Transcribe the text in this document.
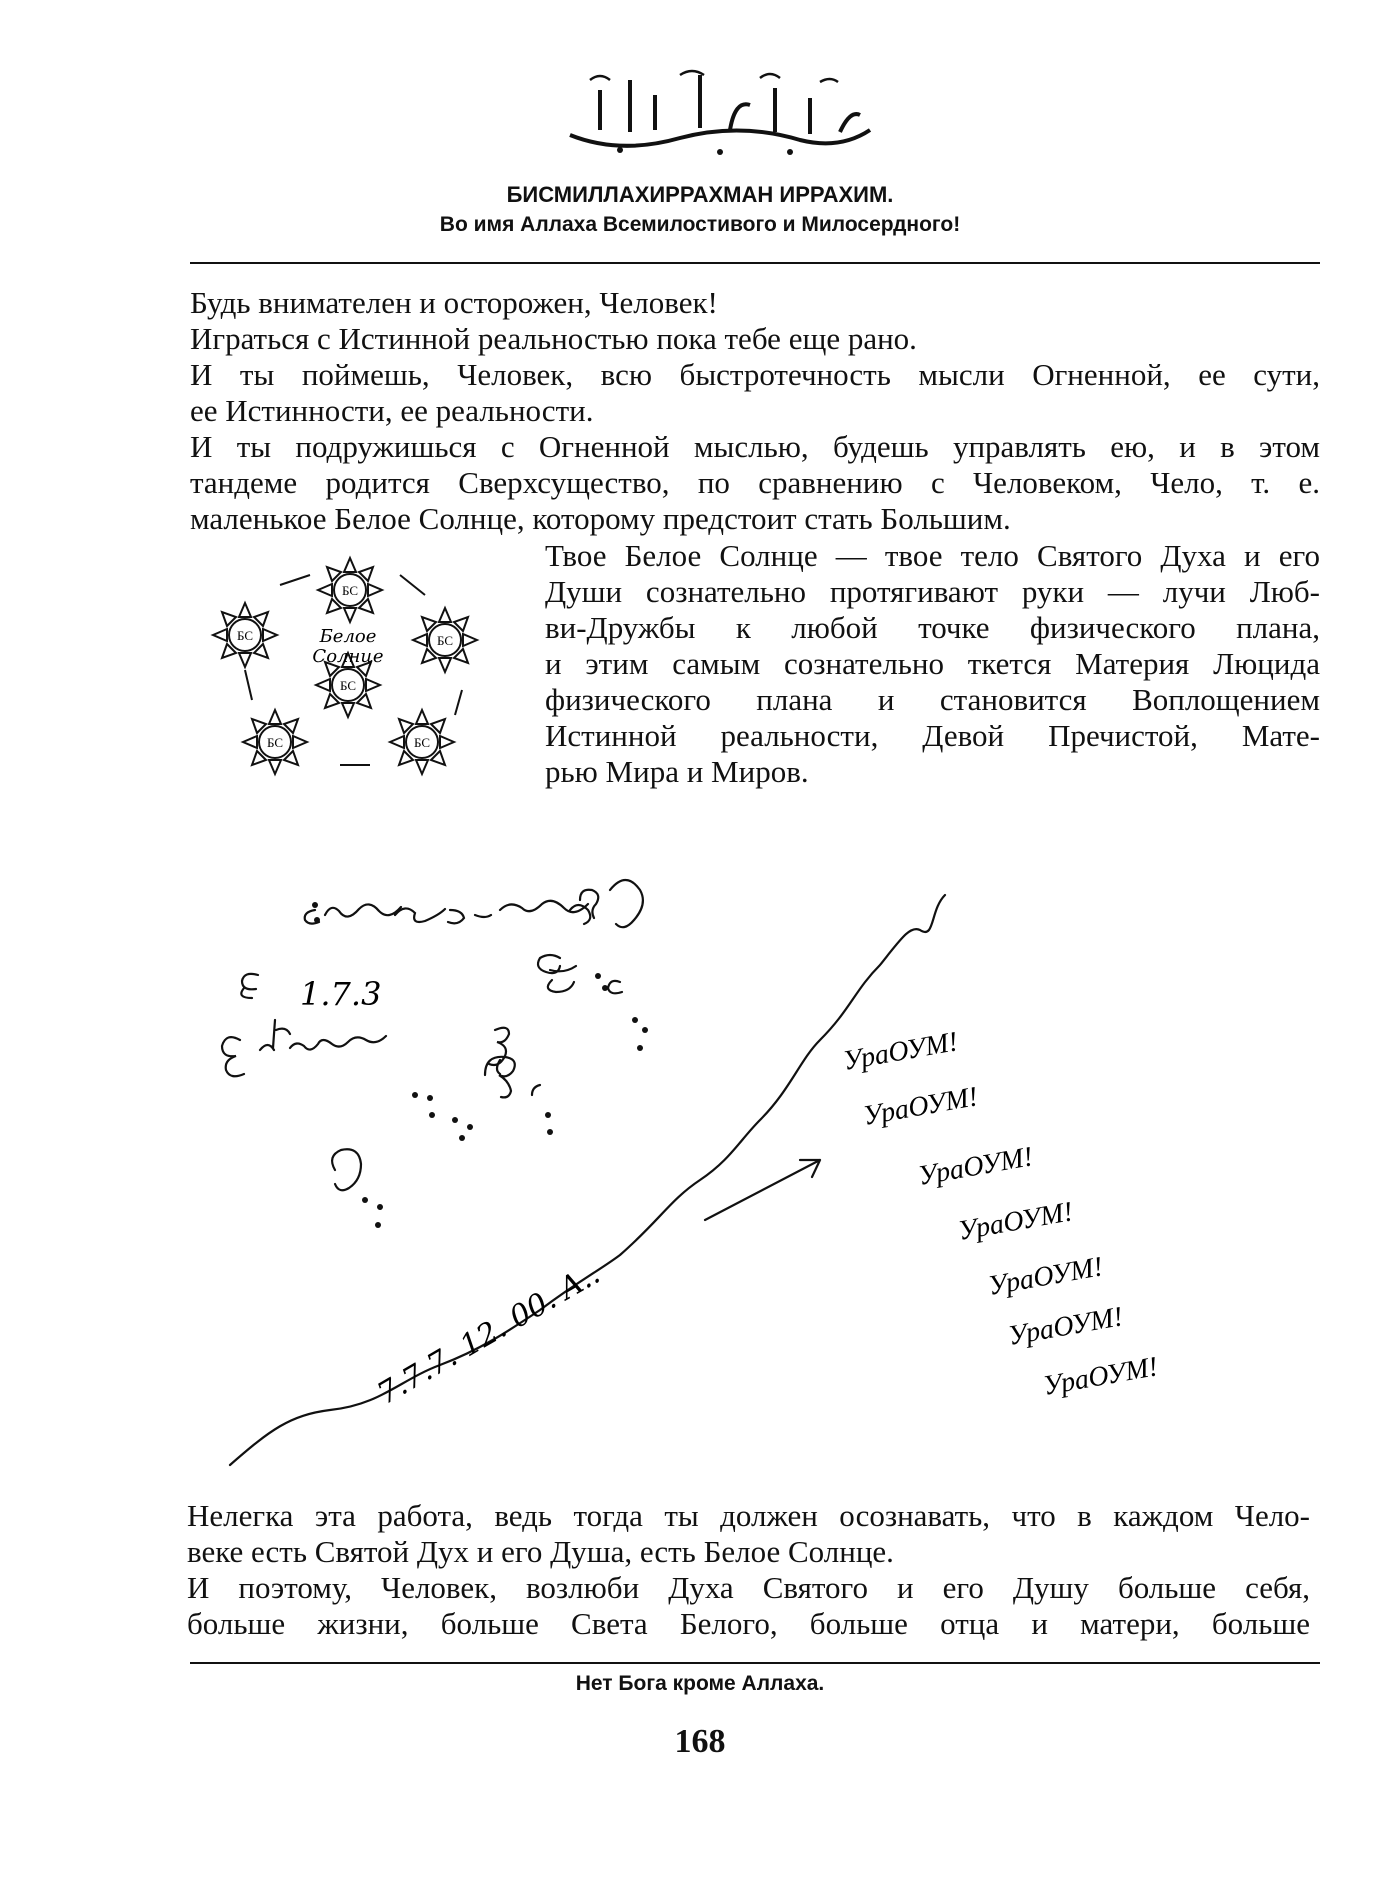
БИСМИЛЛАХИРРАХМАН ИРРАХИМ.
Во имя Аллаха Всемилостивого и Милосердного!
Будь внимателен и осторожен, Человек!
Играться с Истинной реальностью пока тебе еще рано.
И ты поймешь, Человек, всю быстротечность мысли Огненной, ее сути,
ее Истинности, ее реальности.
И ты подружишься с Огненной мыслью, будешь управлять ею, и в этом
тандеме родится Сверхсущество, по сравнению с Человеком, Чело, т. е.
маленькое Белое Солнце, которому предстоит стать Большим.
БС
БС	БС
БС
Белое
Солнце
БС	БС
Твое Белое Солнце — твое тело Святого Духа и его
Души сознательно протягивают руки — лучи Люб-
ви-Дружбы к любой точке физического плана,
и этим самым сознательно ткется Материя Люцида
физического плана и становится Воплощением
Истинной реальности, Девой Пречистой, Мате-
рью Мира и Миров.
1.7.3
7.7.7. 12. 00. A..
УраОУМ!
УраОУМ!
УраОУМ!
УраОУМ!
УраОУМ!
УраОУМ!
УраОУМ!
Нелегка эта работа, ведь тогда ты должен осознавать, что в каждом Чело-
веке есть Святой Дух и его Душа, есть Белое Солнце.
И поэтому, Человек, возлюби Духа Святого и его Душу больше себя,
больше жизни, больше Света Белого, больше отца и матери, больше
Нет Бога кроме Аллаха.
168
